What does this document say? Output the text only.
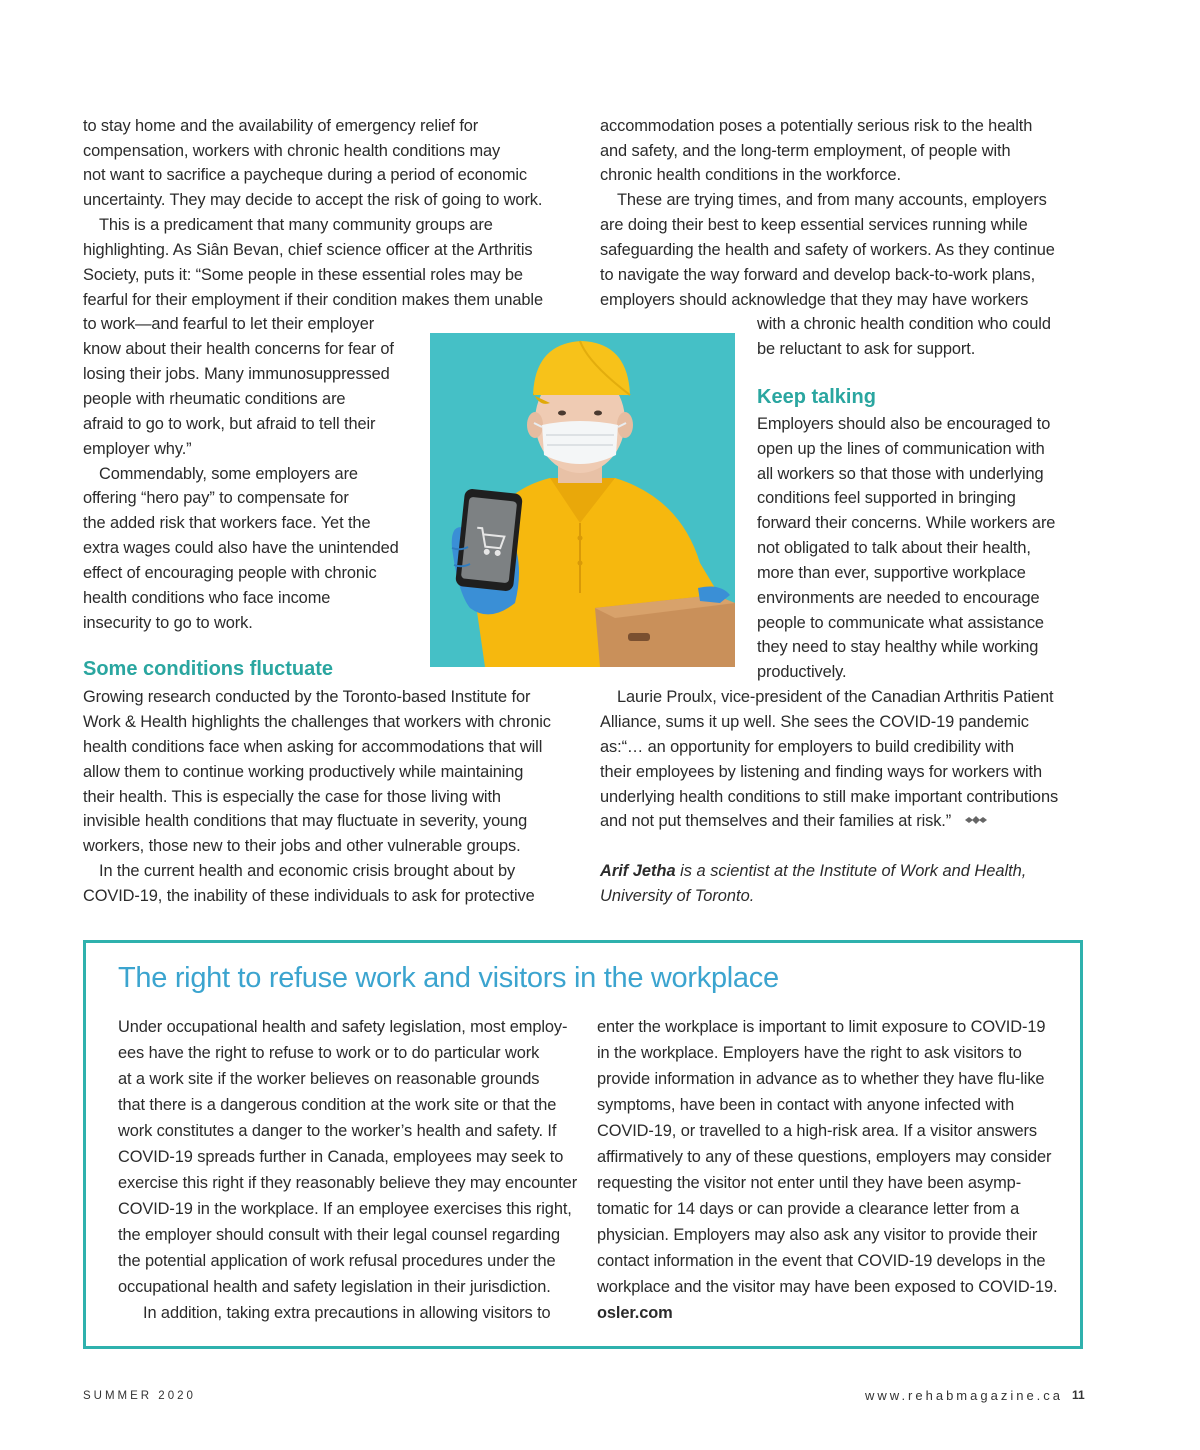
to stay home and the availability of emergency relief for
compensation, workers with chronic health conditions may
not want to sacrifice a paycheque during a period of economic
uncertainty. They may decide to accept the risk of going to work.
This is a predicament that many community groups are
highlighting. As Siân Bevan, chief science officer at the Arthritis
Society, puts it: “Some people in these essential roles may be
fearful for their employment if their condition makes them unable
to work—and fearful to let their employer
know about their health concerns for fear of
losing their jobs. Many immunosuppressed
people with rheumatic conditions are
afraid to go to work, but afraid to tell their
employer why.”
Commendably, some employers are
offering “hero pay” to compensate for
the added risk that workers face. Yet the
extra wages could also have the unintended
effect of encouraging people with chronic
health conditions who face income
insecurity to go to work.
Some conditions fluctuate
Growing research conducted by the Toronto-based Institute for
Work & Health highlights the challenges that workers with chronic
health conditions face when asking for accommodations that will
allow them to continue working productively while maintaining
their health. This is especially the case for those living with
invisible health conditions that may fluctuate in severity, young
workers, those new to their jobs and other vulnerable groups.
In the current health and economic crisis brought about by
COVID-19, the inability of these individuals to ask for protective
accommodation poses a potentially serious risk to the health
and safety, and the long-term employment, of people with
chronic health conditions in the workforce.
These are trying times, and from many accounts, employers
are doing their best to keep essential services running while
safeguarding the health and safety of workers. As they continue
to navigate the way forward and develop back-to-work plans,
employers should acknowledge that they may have workers
with a chronic health condition who could
be reluctant to ask for support.
Keep talking
Employers should also be encouraged to
open up the lines of communication with
all workers so that those with underlying
conditions feel supported in bringing
forward their concerns. While workers are
not obligated to talk about their health,
more than ever, supportive workplace
environments are needed to encourage
people to communicate what assistance
they need to stay healthy while working
productively.
Laurie Proulx, vice-president of the Canadian Arthritis Patient
Alliance, sums it up well. She sees the COVID-19 pandemic
as:“… an opportunity for employers to build credibility with
their employees by listening and finding ways for workers with
underlying health conditions to still make important contributions
and not put themselves and their families at risk.”
Arif Jetha is a scientist at the Institute of Work and Health,
University of Toronto.
The right to refuse work and visitors in the workplace
Under occupational health and safety legislation, most employ-
ees have the right to refuse to work or to do particular work
at a work site if the worker believes on reasonable grounds
that there is a dangerous condition at the work site or that the
work constitutes a danger to the worker’s health and safety. If
COVID-19 spreads further in Canada, employees may seek to
exercise this right if they reasonably believe they may encounter
COVID-19 in the workplace. If an employee exercises this right,
the employer should consult with their legal counsel regarding
the potential application of work refusal procedures under the
occupational health and safety legislation in their jurisdiction.
In addition, taking extra precautions in allowing visitors to
enter the workplace is important to limit exposure to COVID-19
in the workplace. Employers have the right to ask visitors to
provide information in advance as to whether they have flu-like
symptoms, have been in contact with anyone infected with
COVID-19, or travelled to a high-risk area. If a visitor answers
affirmatively to any of these questions, employers may consider
requesting the visitor not enter until they have been asymp-
tomatic for 14 days or can provide a clearance letter from a
physician. Employers may also ask any visitor to provide their
contact information in the event that COVID-19 develops in the
workplace and the visitor may have been exposed to COVID-19.
osler.com
SUMMER 2020	www.rehabmagazine.ca 11
